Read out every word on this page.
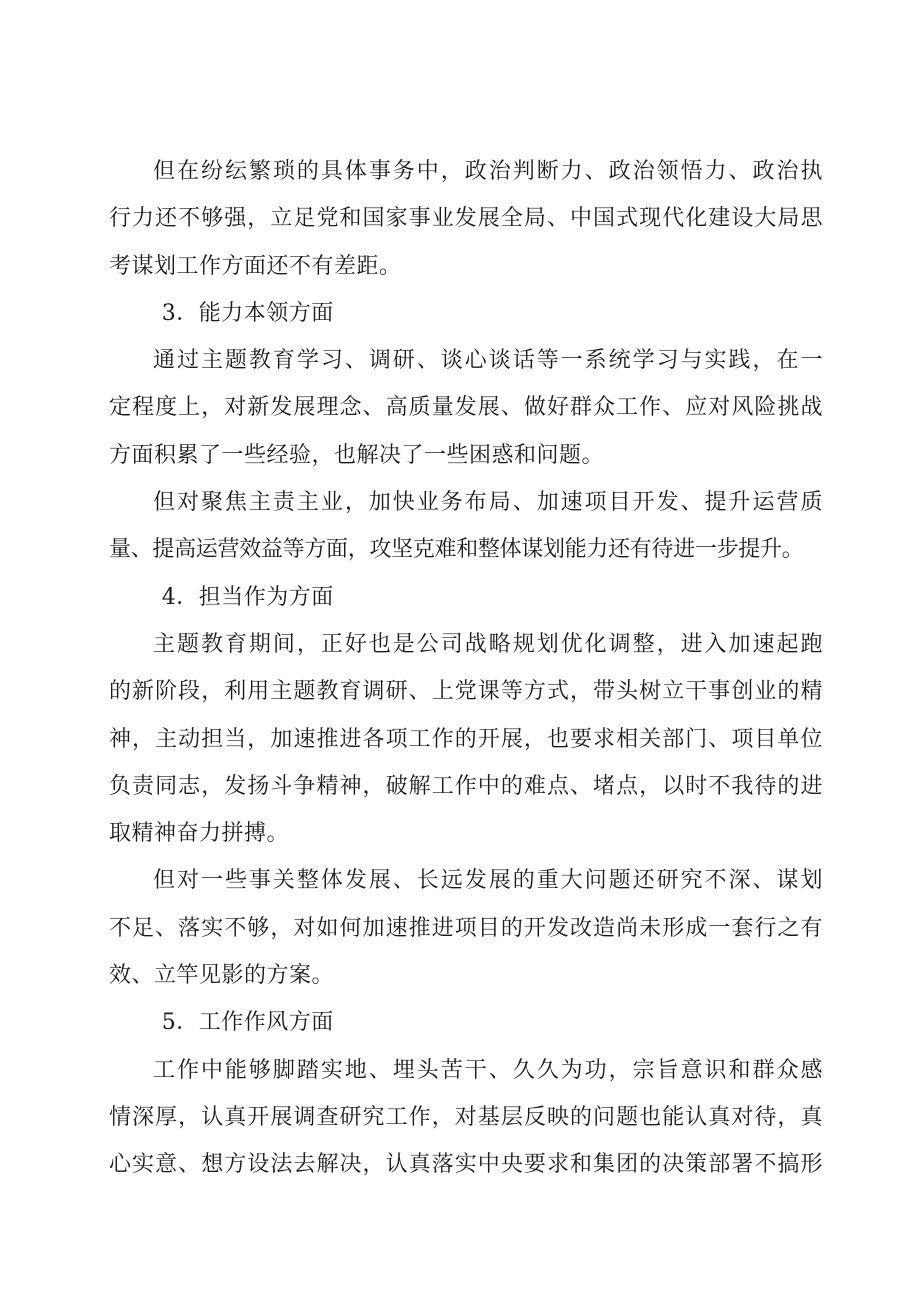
但在纷纭繁琐的具体事务中，政治判断力、政治领悟力、政治执
行力还不够强，立足党和国家事业发展全局、中国式现代化建设大局思
考谋划工作方面还不有差距。

3．能力本领方面

通过主题教育学习、调研、谈心谈话等一系统学习与实践，在一
定程度上，对新发展理念、高质量发展、做好群众工作、应对风险挑战
方面积累了一些经验，也解决了一些困惑和问题。

但对聚焦主责主业，加快业务布局、加速项目开发、提升运营质
量、提高运营效益等方面，攻坚克难和整体谋划能力还有待进一步提升。

4．担当作为方面

主题教育期间，正好也是公司战略规划优化调整，进入加速起跑
的新阶段，利用主题教育调研、上党课等方式，带头树立干事创业的精
神，主动担当，加速推进各项工作的开展，也要求相关部门、项目单位
负责同志，发扬斗争精神，破解工作中的难点、堵点，以时不我待的进
取精神奋力拼搏。

但对一些事关整体发展、长远发展的重大问题还研究不深、谋划
不足、落实不够，对如何加速推进项目的开发改造尚未形成一套行之有
效、立竿见影的方案。

5．工作作风方面

工作中能够脚踏实地、埋头苦干、久久为功，宗旨意识和群众感
情深厚，认真开展调查研究工作，对基层反映的问题也能认真对待，真
心实意、想方设法去解决，认真落实中央要求和集团的决策部署不搞形
